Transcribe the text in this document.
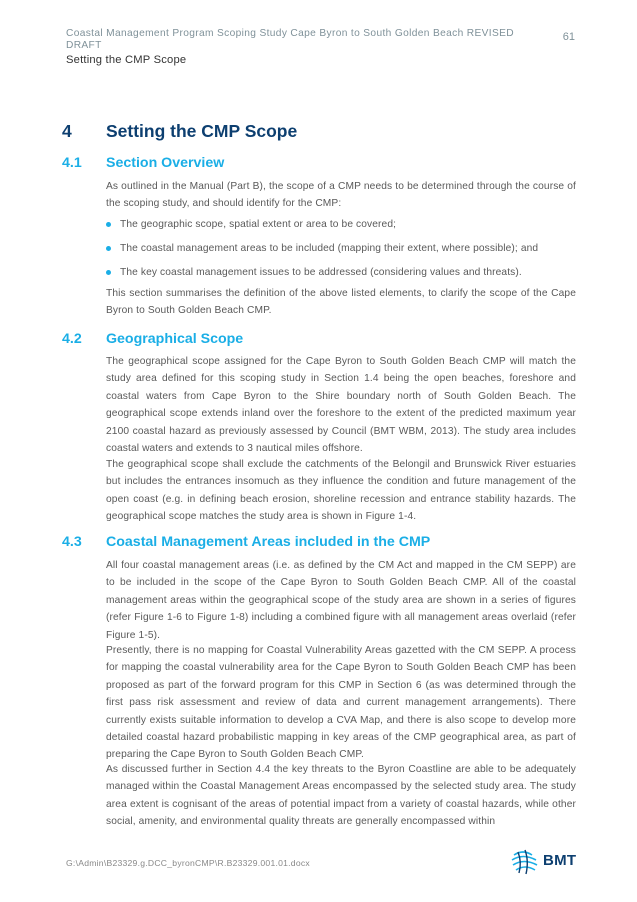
Coastal Management Program Scoping Study Cape Byron to South Golden Beach REVISED DRAFT
61
Setting the CMP Scope
4 Setting the CMP Scope
4.1 Section Overview

As outlined in the Manual (Part B), the scope of a CMP needs to be determined through the course of the scoping study, and should identify for the CMP:

The geographic scope, spatial extent or area to be covered;
The coastal management areas to be included (mapping their extent, where possible); and
The key coastal management issues to be addressed (considering values and threats).

This section summarises the definition of the above listed elements, to clarify the scope of the Cape Byron to South Golden Beach CMP.

4.2 Geographical Scope

The geographical scope assigned for the Cape Byron to South Golden Beach CMP will match the study area defined for this scoping study in Section 1.4 being the open beaches, foreshore and coastal waters from Cape Byron to the Shire boundary north of South Golden Beach. The geographical scope extends inland over the foreshore to the extent of the predicted maximum year 2100 coastal hazard as previously assessed by Council (BMT WBM, 2013). The study area includes coastal waters and extends to 3 nautical miles offshore.

The geographical scope shall exclude the catchments of the Belongil and Brunswick River estuaries but includes the entrances insomuch as they influence the condition and future management of the open coast (e.g. in defining beach erosion, shoreline recession and entrance stability hazards. The geographical scope matches the study area is shown in Figure 1-4.

4.3 Coastal Management Areas included in the CMP

All four coastal management areas (i.e. as defined by the CM Act and mapped in the CM SEPP) are to be included in the scope of the Cape Byron to South Golden Beach CMP. All of the coastal management areas within the geographical scope of the study area are shown in a series of figures (refer Figure 1-6 to Figure 1-8) including a combined figure with all management areas overlaid (refer Figure 1-5).

Presently, there is no mapping for Coastal Vulnerability Areas gazetted with the CM SEPP. A process for mapping the coastal vulnerability area for the Cape Byron to South Golden Beach CMP has been proposed as part of the forward program for this CMP in Section 6 (as was determined through the first pass risk assessment and review of data and current management arrangements). There currently exists suitable information to develop a CVA Map, and there is also scope to develop more detailed coastal hazard probabilistic mapping in key areas of the CMP geographical area, as part of preparing the Cape Byron to South Golden Beach CMP.

As discussed further in Section 4.4 the key threats to the Byron Coastline are able to be adequately managed within the Coastal Management Areas encompassed by the selected study area. The study area extent is cognisant of the areas of potential impact from a variety of coastal hazards, while other social, amenity, and environmental quality threats are generally encompassed within

G:\Admin\B23329.g.DCC_byronCMP\R.B23329.001.01.docx	BMT
